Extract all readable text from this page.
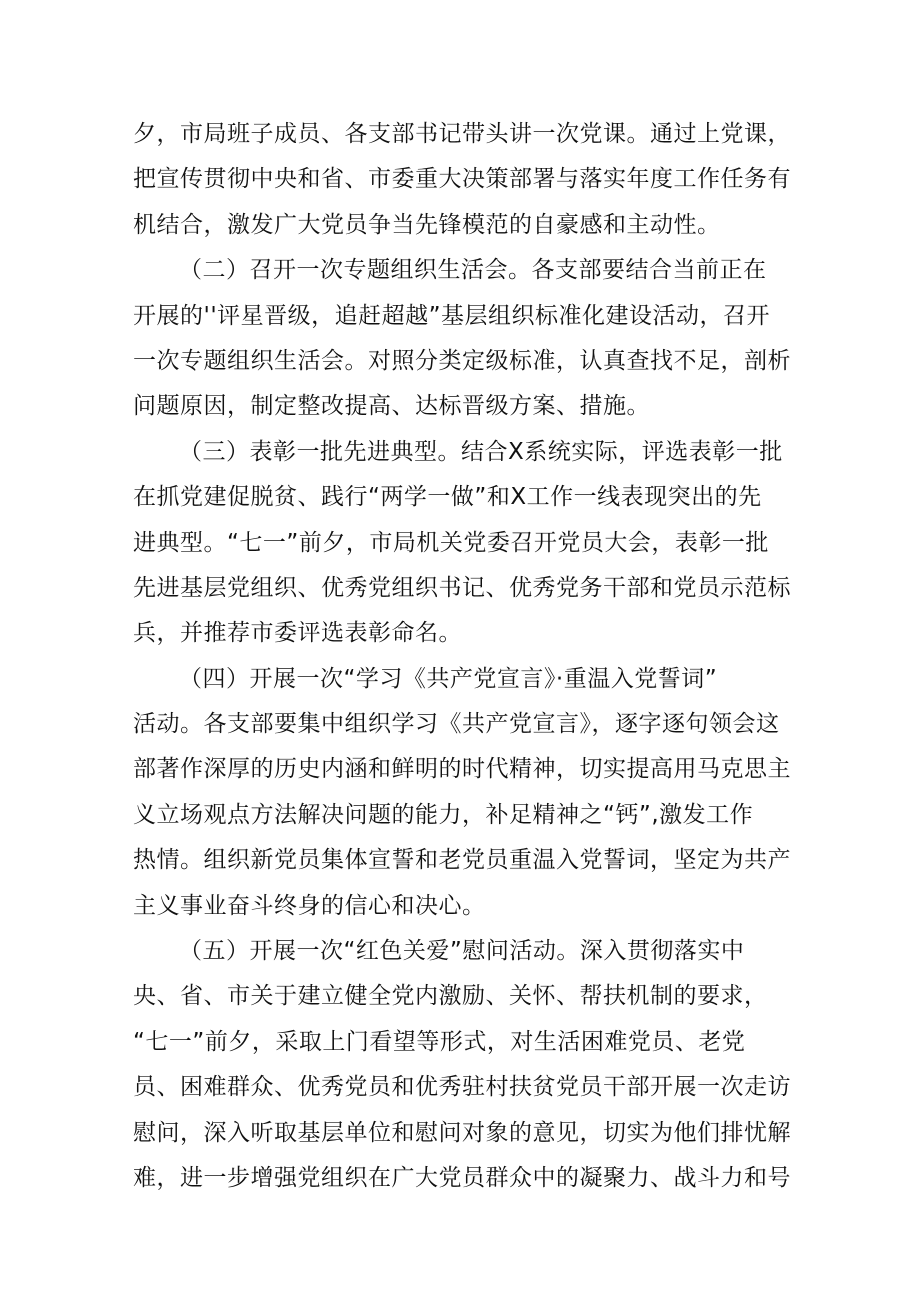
夕，市局班子成员、各支部书记带头讲一次党课。通过上党课，
把宣传贯彻中央和省、市委重大决策部署与落实年度工作任务有
机结合，激发广大党员争当先锋模范的自豪感和主动性。
（二）召开一次专题组织生活会。各支部要结合当前正在
开展的''评星晋级，追赶超越”基层组织标准化建设活动，召开
一次专题组织生活会。对照分类定级标准，认真查找不足，剖析
问题原因，制定整改提高、达标晋级方案、措施。
（三）表彰一批先进典型。结合X系统实际，评选表彰一批
在抓党建促脱贫、践行“两学一做”和X工作一线表现突出的先
进典型。“七一”前夕，市局机关党委召开党员大会，表彰一批
先进基层党组织、优秀党组织书记、优秀党务干部和党员示范标
兵，并推荐市委评选表彰命名。
（四）开展一次“学习《共产党宣言》·重温入党誓词”
活动。各支部要集中组织学习《共产党宣言》，逐字逐句领会这
部著作深厚的历史内涵和鲜明的时代精神，切实提高用马克思主
义立场观点方法解决问题的能力，补足精神之“钙”,激发工作
热情。组织新党员集体宣誓和老党员重温入党誓词，坚定为共产
主义事业奋斗终身的信心和决心。
（五）开展一次“红色关爱”慰问活动。深入贯彻落实中
央、省、市关于建立健全党内激励、关怀、帮扶机制的要求，
“七一”前夕，采取上门看望等形式，对生活困难党员、老党
员、困难群众、优秀党员和优秀驻村扶贫党员干部开展一次走访
慰问，深入听取基层单位和慰问对象的意见，切实为他们排忧解
难，进一步增强党组织在广大党员群众中的凝聚力、战斗力和号
